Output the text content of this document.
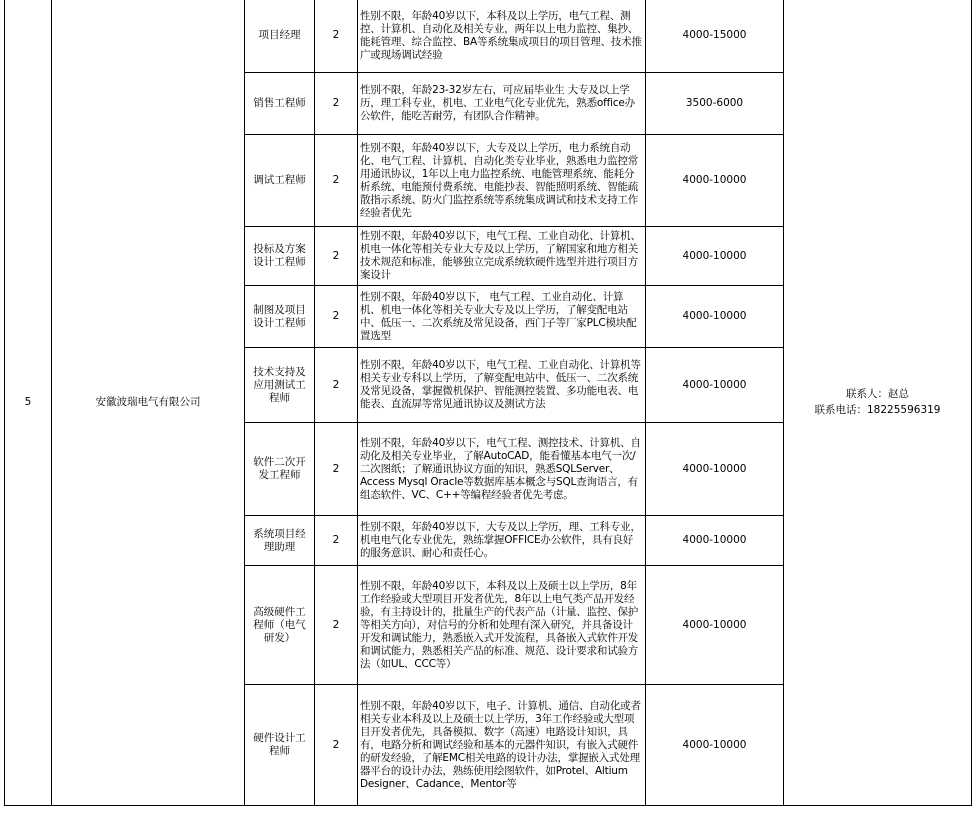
5	安徽波瑞电气有限公司	项目经理	2	性别不限，年龄40岁以下，本科及以上学历，电气工程、测控、计算机、自动化及相关专业，两年以上电力监控、集抄、能耗管理、综合监控、BA等系统集成项目的项目管理、技术推广或现场调试经验	4000-15000	联系人：赵总
联系电话：18225596319

		销售工程师	2	性别不限，年龄23-32岁左右，可应届毕业生 大专及以上学历，理工科专业，机电、工业电气化专业优先，熟悉office办公软件，能吃苦耐劳，有团队合作精神。	3500-6000	
		调试工程师	2	性别不限，年龄40岁以下，大专及以上学历，电力系统自动化、电气工程、计算机、自动化类专业毕业，熟悉电力监控常用通讯协议，1年以上电力监控系统、电能管理系统、能耗分析系统、电能预付费系统、电能抄表、智能照明系统、智能疏散指示系统、防火门监控系统等系统集成调试和技术支持工作经验者优先	4000-10000	
		投标及方案设计工程师	2	性别不限，年龄40岁以下，电气工程、工业自动化、计算机、机电一体化等相关专业大专及以上学历，了解国家和地方相关技术规范和标准，能够独立完成系统软硬件选型并进行项目方案设计	4000-10000	
		制图及项目设计工程师	2	性别不限，年龄40岁以下， 电气工程、工业自动化、计算机、机电一体化等相关专业大专及以上学历，了解变配电站中、低压一、二次系统及常见设备，西门子等厂家PLC模块配置选型	4000-10000	
		技术支持及应用测试工程师	2	性别不限，年龄40岁以下，电气工程、工业自动化、计算机等相关专业专科以上学历，了解变配电站中、低压一、二次系统及常见设备，掌握微机保护、智能测控装置、多功能电表、电能表、直流屏等常见通讯协议及测试方法	4000-10000	
		软件二次开发工程师	2	性别不限，年龄40岁以下，电气工程、测控技术、计算机、自动化及相关专业毕业，了解AutoCAD，能看懂基本电气一次/二次图纸；了解通讯协议方面的知识，熟悉SQLServer、Access Mysql Oracle等数据库基本概念与SQL查询语言，有组态软件、VC、C++等编程经验者优先考虑。	4000-10000	
		系统项目经理助理	2	性别不限，年龄40岁以下，大专及以上学历，理、工科专业，机电电气化专业优先，熟练掌握OFFICE办公软件，具有良好的服务意识、耐心和责任心。	4000-10000	
		高级硬件工程师（电气研发）	2	性别不限，年龄40岁以下，本科及以上及硕士以上学历，8年工作经验或大型项目开发者优先，8年以上电气类产品开发经验，有主持设计的，批量生产的代表产品（计量、监控、保护等相关方向），对信号的分析和处理有深入研究，并具备设计开发和调试能力，熟悉嵌入式开发流程，具备嵌入式软件开发和调试能力，熟悉相关产品的标准、规范、设计要求和试验方法（如UL、CCC等）	4000-10000	
		硬件设计工程师	2	性别不限，年龄40岁以下，电子、计算机、通信、自动化或者相关专业本科及以上及硕士以上学历，3年工作经验或大型项目开发者优先，具备模拟、数字（高速）电路设计知识，具有，电路分析和调试经验和基本的元器件知识，有嵌入式硬件的研发经验，了解EMC相关电路的设计办法，掌握嵌入式处理器平台的设计办法，熟练使用绘图软件，如Protel、Altium Designer、Cadance、Mentor等	4000-10000	
